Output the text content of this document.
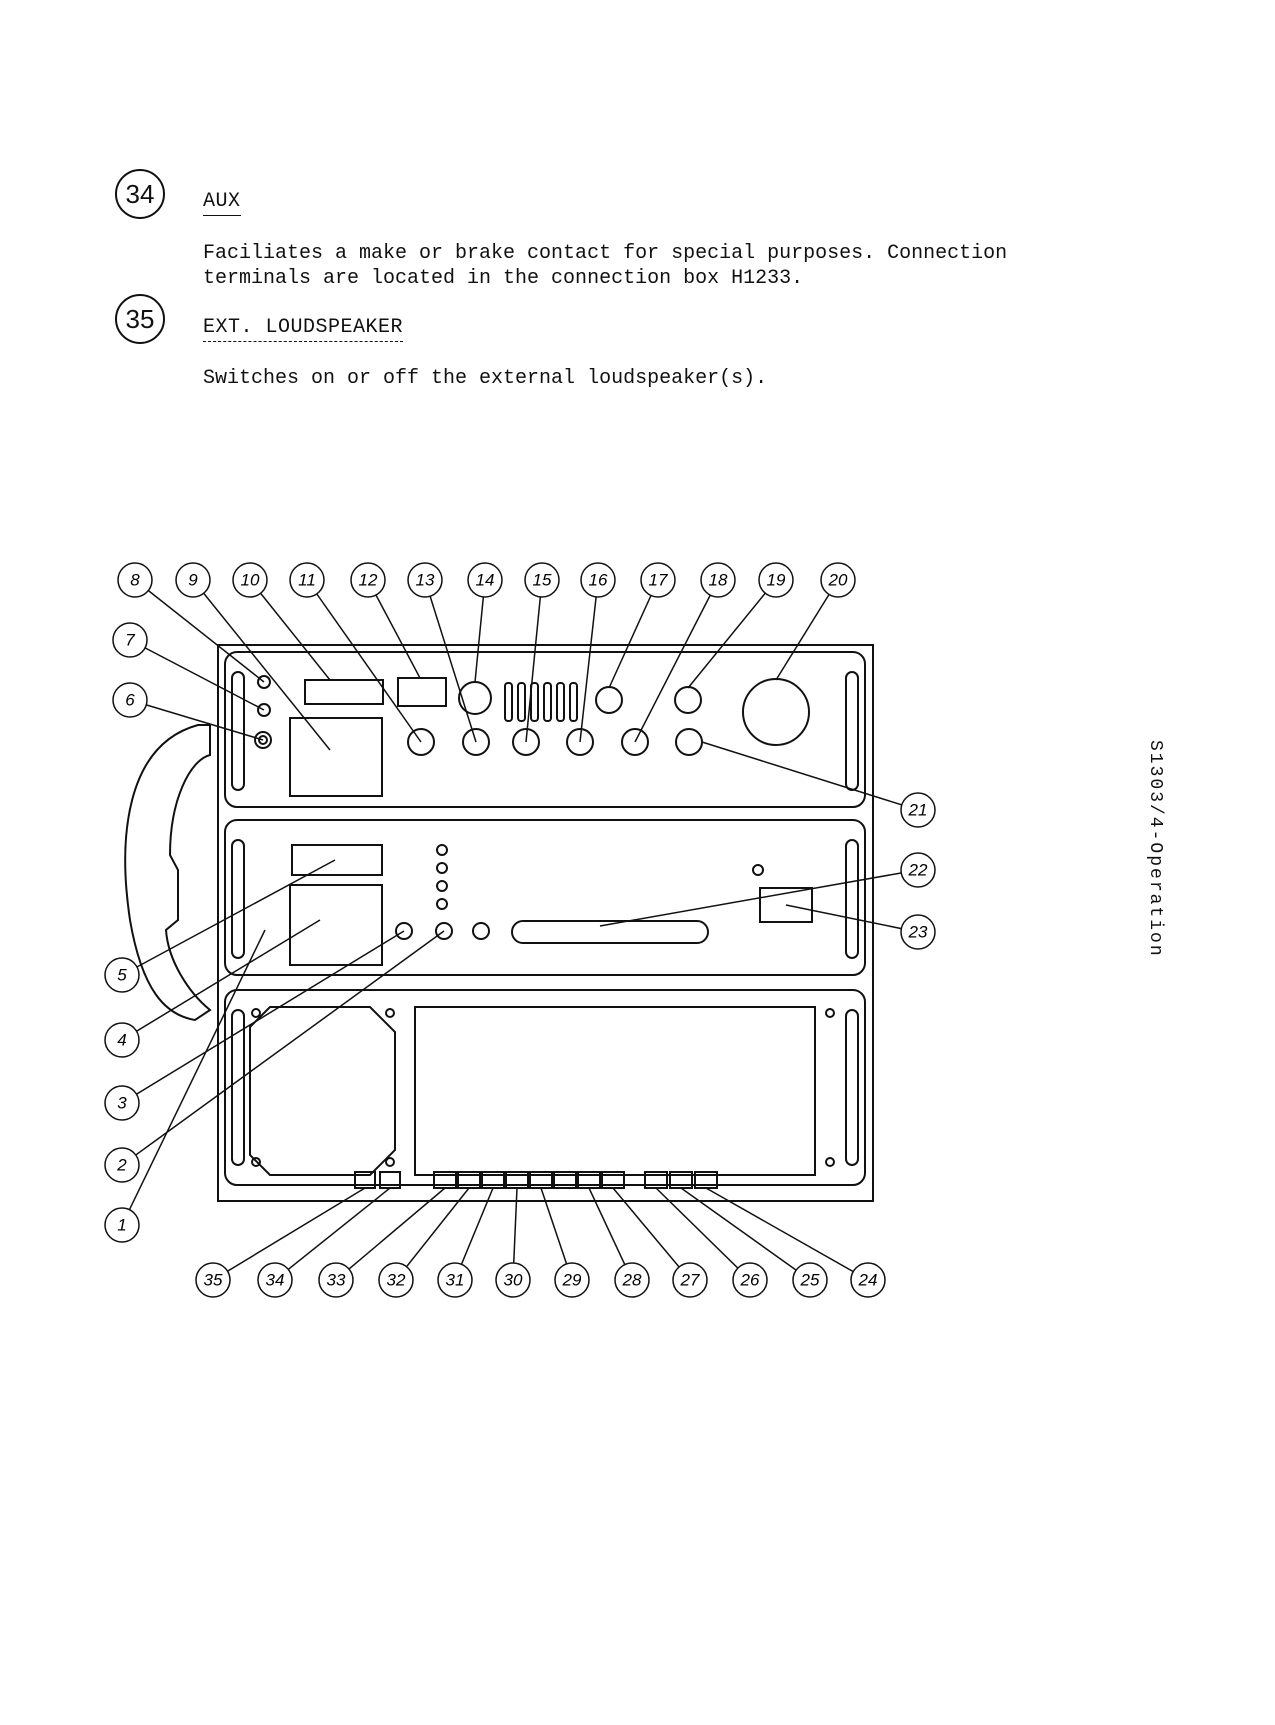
34	AUX
Faciliates a make or brake contact for special purposes. Connection
terminals are located in the connection box H1233.
35	EXT. LOUDSPEAKER
Switches on or off the external loudspeaker(s).
S1303/4-Operation
1
2
3
4
5
6
7
8	9	10 11	12 13 14 15 16 17 18 19	20
21
22
23
24
25
26
27
28
29
30
31
32
33
34
35
